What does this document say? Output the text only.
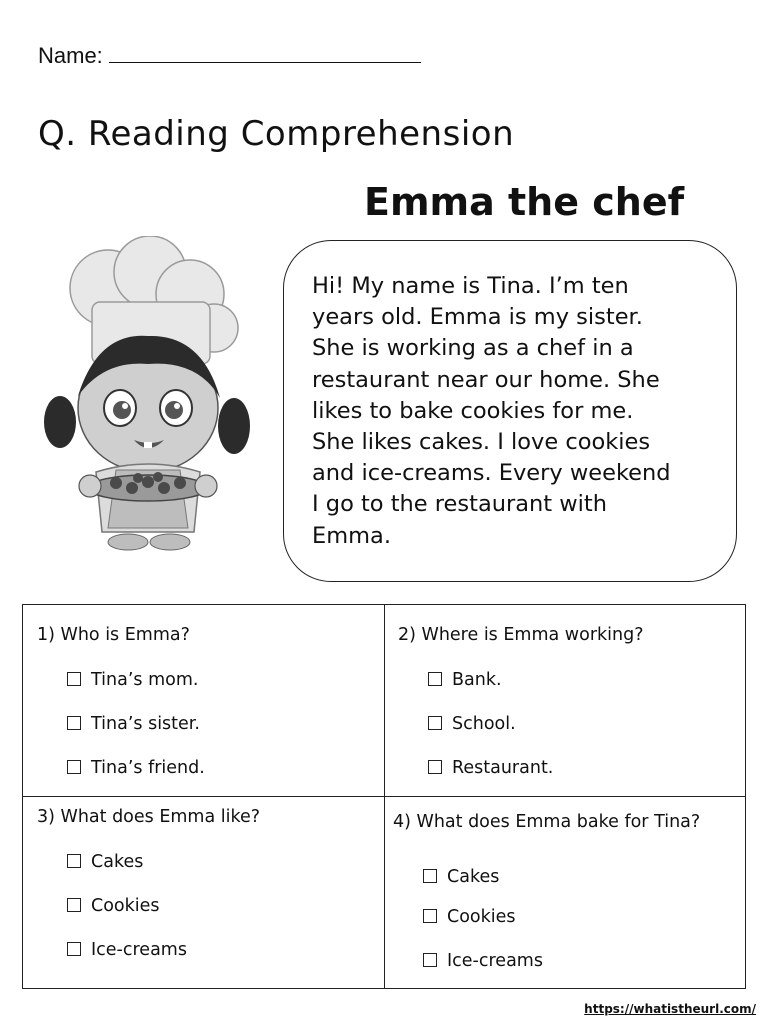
Name:
Q. Reading Comprehension
Emma the chef

Hi! My name is Tina. I’m ten

years old. Emma is my sister.

She is working as a chef in a

restaurant near our home. She

likes to bake cookies for me.

She likes cakes. I love cookies

and ice-creams. Every weekend

I go to the restaurant with

Emma.

1) Who is Emma?

Tina’s mom.
Tina’s sister.
Tina’s friend.

2) Where is Emma working?

Bank.
School.
Restaurant.

3) What does Emma like?

Cakes
Cookies
Ice-creams

4) What does Emma bake for Tina?

Cakes
Cookies
Ice-creams
https://whatistheurl.com/
